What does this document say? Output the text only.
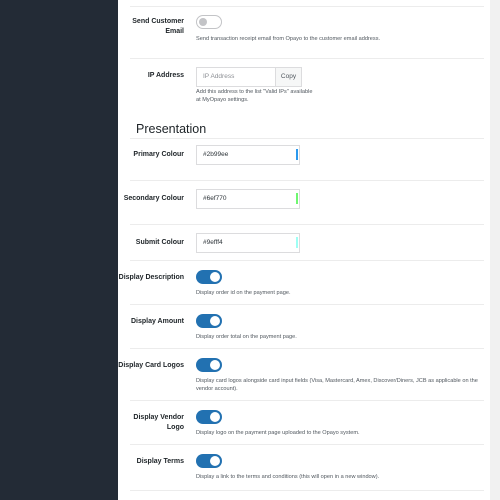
Send Customer Email
Send transaction receipt email from Opayo to the customer email address.
IP Address	IP Address	Copy
Add this address to the list "Valid IPs" available at MyOpayo settings.
Presentation
Primary Colour	#2b99ee
Secondary Colour	#6ef770
Submit Colour	#9efff4
Display Description
Display order id on the payment page.
Display Amount
Display order total on the payment page.
Display Card Logos
Display card logos alongside card input fields (Visa, Mastercard, Amex, Discover/Diners, JCB as applicable on the vendor account).
Display Vendor Logo
Display logo on the payment page uploaded to the Opayo system.
Display Terms
Display a link to the terms and conditions (this will open in a new window).
